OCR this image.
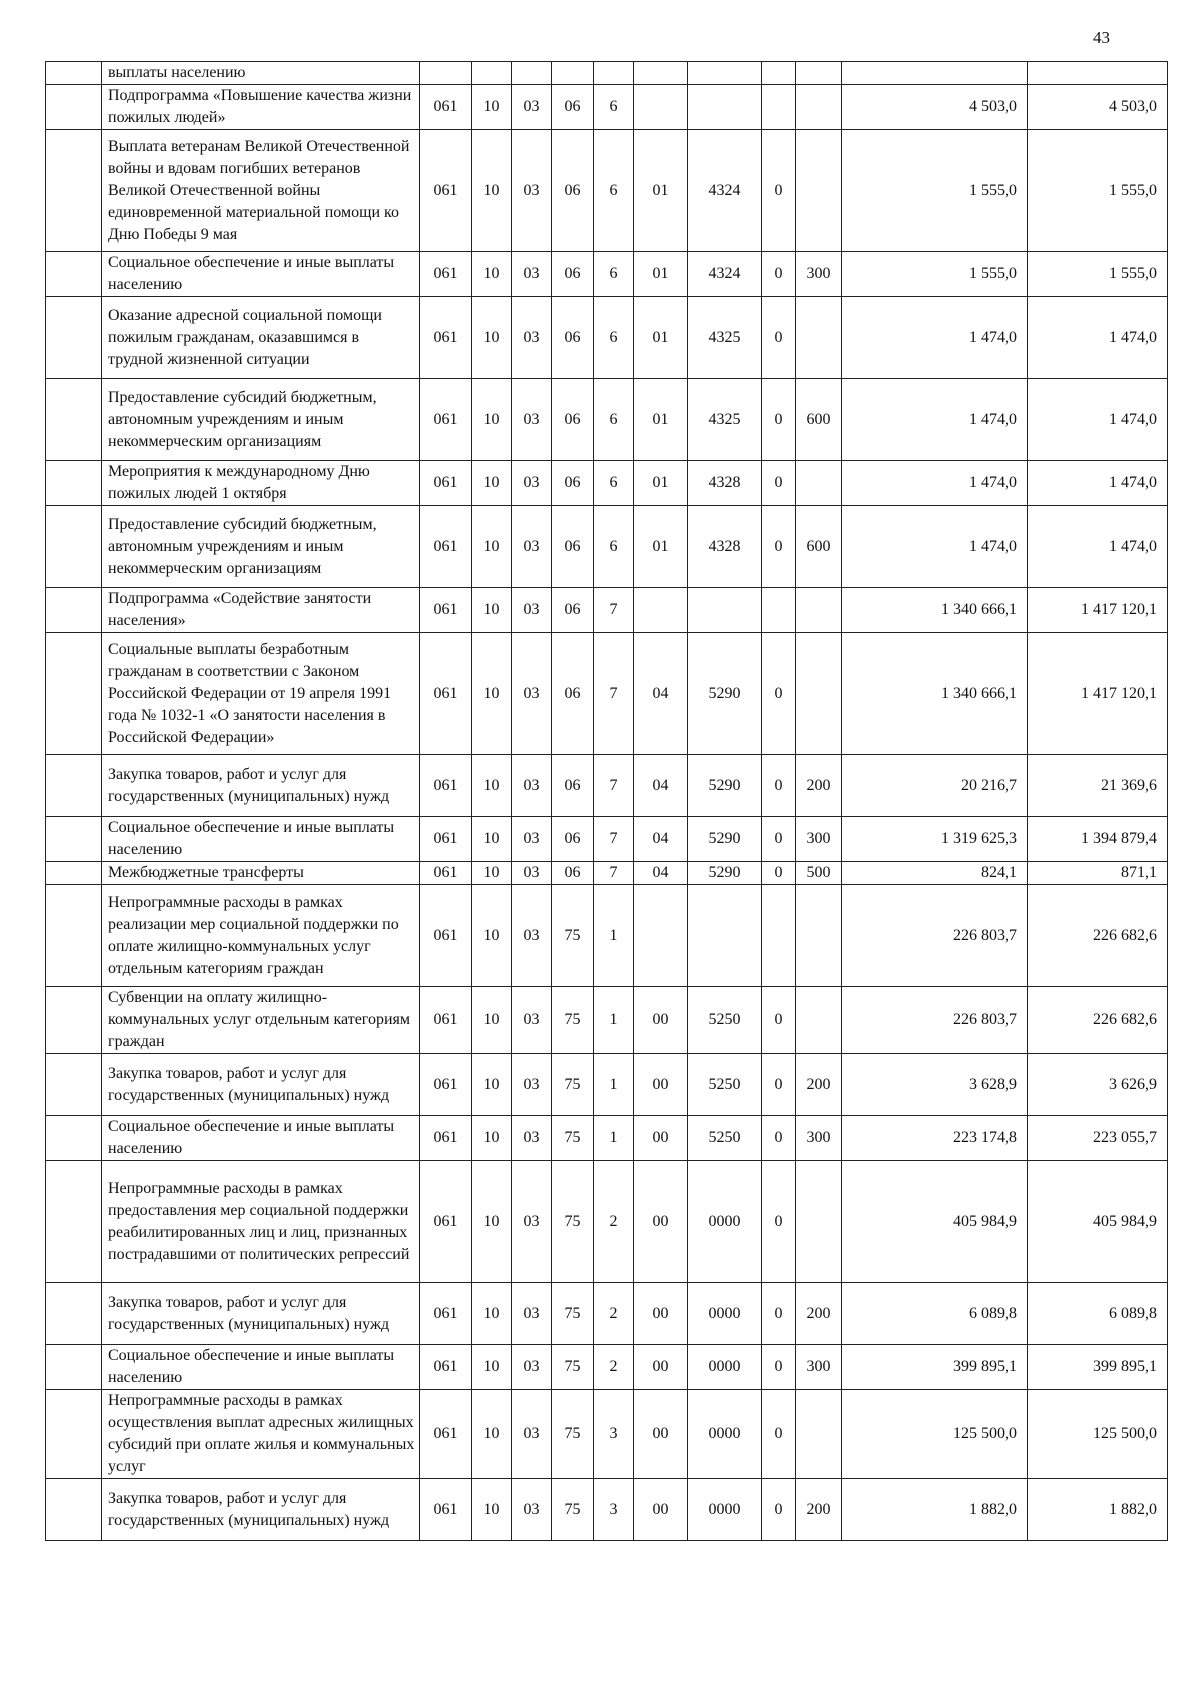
43
	выплаты населению											
	Подпрограмма «Повышение качества жизни пожилых людей»	061	10	03	06	6					4 503,0	4 503,0
	Выплата ветеранам Великой Отечественной войны и вдовам погибших ветеранов Великой Отечественной войны единовременной материальной помощи ко Дню Победы 9 мая	061	10	03	06	6	01	4324	0		1 555,0	1 555,0
	Социальное обеспечение и иные выплаты населению	061	10	03	06	6	01	4324	0	300	1 555,0	1 555,0
	Оказание адресной социальной помощи пожилым гражданам, оказавшимся в трудной жизненной ситуации	061	10	03	06	6	01	4325	0		1 474,0	1 474,0
	Предоставление субсидий бюджетным, автономным учреждениям и иным некоммерческим организациям	061	10	03	06	6	01	4325	0	600	1 474,0	1 474,0
	Мероприятия к международному Дню пожилых людей 1 октября	061	10	03	06	6	01	4328	0		1 474,0	1 474,0
	Предоставление субсидий бюджетным, автономным учреждениям и иным некоммерческим организациям	061	10	03	06	6	01	4328	0	600	1 474,0	1 474,0
	Подпрограмма «Содействие занятости населения»	061	10	03	06	7					1 340 666,1	1 417 120,1
	Социальные выплаты безработным гражданам в соответствии с Законом Российской Федерации от 19 апреля 1991 года № 1032-1 «О занятости населения в Российской Федерации»	061	10	03	06	7	04	5290	0		1 340 666,1	1 417 120,1
	Закупка товаров, работ и услуг для государственных (муниципальных) нужд	061	10	03	06	7	04	5290	0	200	20 216,7	21 369,6
	Социальное обеспечение и иные выплаты населению	061	10	03	06	7	04	5290	0	300	1 319 625,3	1 394 879,4
	Межбюджетные трансферты	061	10	03	06	7	04	5290	0	500	824,1	871,1
	Непрограммные расходы в рамках реализации мер социальной поддержки по оплате жилищно-коммунальных услуг отдельным категориям граждан	061	10	03	75	1					226 803,7	226 682,6
	Субвенции на оплату жилищно-коммунальных услуг отдельным категориям граждан	061	10	03	75	1	00	5250	0		226 803,7	226 682,6
	Закупка товаров, работ и услуг для государственных (муниципальных) нужд	061	10	03	75	1	00	5250	0	200	3 628,9	3 626,9
	Социальное обеспечение и иные выплаты населению	061	10	03	75	1	00	5250	0	300	223 174,8	223 055,7
	Непрограммные расходы в рамках предоставления мер социальной поддержки реабилитированных лиц и лиц, признанных пострадавшими от политических репрессий	061	10	03	75	2	00	0000	0		405 984,9	405 984,9
	Закупка товаров, работ и услуг для государственных (муниципальных) нужд	061	10	03	75	2	00	0000	0	200	6 089,8	6 089,8
	Социальное обеспечение и иные выплаты населению	061	10	03	75	2	00	0000	0	300	399 895,1	399 895,1
	Непрограммные расходы в рамках осуществления выплат адресных жилищных субсидий при оплате жилья и коммунальных услуг	061	10	03	75	3	00	0000	0		125 500,0	125 500,0
	Закупка товаров, работ и услуг для государственных (муниципальных) нужд	061	10	03	75	3	00	0000	0	200	1 882,0	1 882,0
